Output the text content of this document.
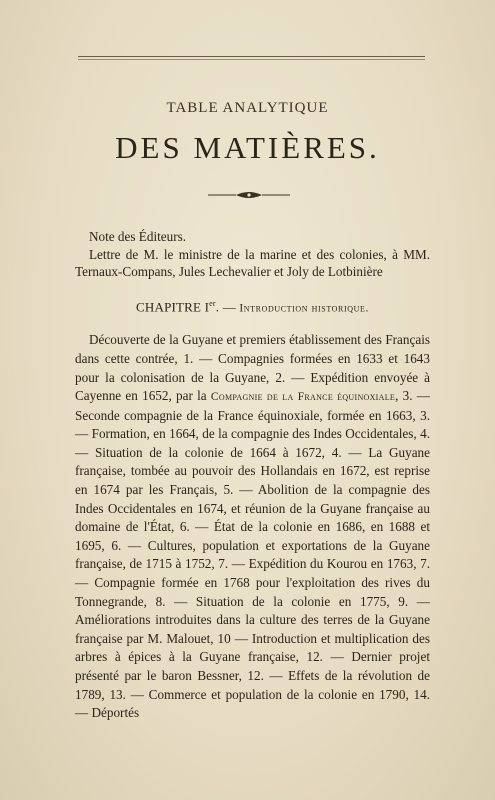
TABLE ANALYTIQUE
DES MATIÈRES.

Note des Éditeurs.

Lettre de M. le ministre de la marine et des colonies, à MM. Ternaux-Compans, Jules Lechevalier et Joly de Lotbinière

CHAPITRE Ier. — Introduction historique.

Découverte de la Guyane et premiers établissement des Français dans cette contrée, 1. — Compagnies formées en 1633 et 1643 pour la colonisation de la Guyane, 2. — Expédition envoyée à Cayenne en 1652, par la Compagnie de la France équinoxiale, 3. — Seconde compagnie de la France équinoxiale, formée en 1663, 3. — Formation, en 1664, de la compagnie des Indes Occidentales, 4. — Situation de la colonie de 1664 à 1672, 4. — La Guyane française, tombée au pouvoir des Hollandais en 1672, est reprise en 1674 par les Français, 5. — Abolition de la compagnie des Indes Occidentales en 1674, et réunion de la Guyane française au domaine de l'État, 6. — État de la colonie en 1686, en 1688 et 1695, 6. — Cultures, population et exportations de la Guyane française, de 1715 à 1752, 7. — Expédition du Kourou en 1763, 7. — Compagnie formée en 1768 pour l'exploitation des rives du Tonnegrande, 8. — Situation de la colonie en 1775, 9. — Améliorations introduites dans la culture des terres de la Guyane française par M. Malouet, 10 — Introduction et multiplication des arbres à épices à la Guyane française, 12. — Dernier projet présenté par le baron Bessner, 12. — Effets de la révolution de 1789, 13. — Commerce et population de la colonie en 1790, 14. — Déportés
